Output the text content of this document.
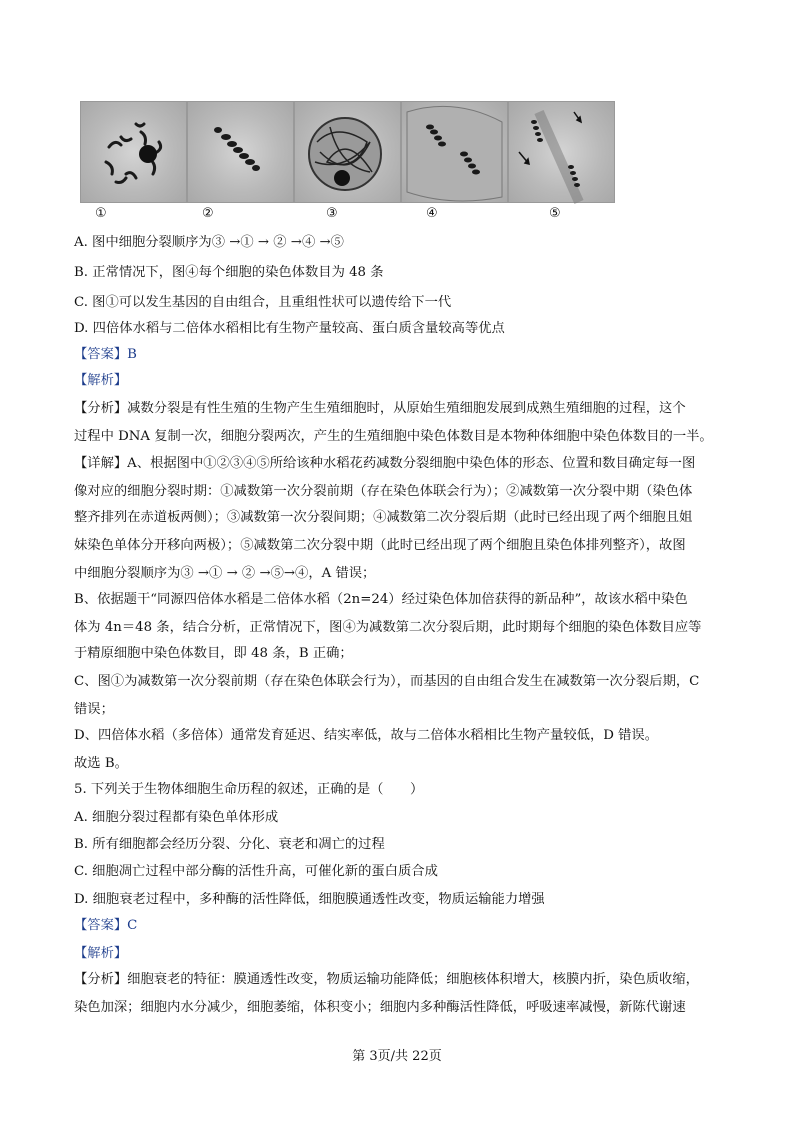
①	②	③	④	⑤
A. 图中细胞分裂顺序为③ →① → ② →④ →⑤
B. 正常情况下，图④每个细胞的染色体数目为 48 条
C. 图①可以发生基因的自由组合，且重组性状可以遗传给下一代
D. 四倍体水稻与二倍体水稻相比有生物产量较高、蛋白质含量较高等优点
【答案】B
【解析】
【分析】减数分裂是有性生殖的生物产生生殖细胞时，从原始生殖细胞发展到成熟生殖细胞的过程，这个
过程中 DNA 复制一次，细胞分裂两次，产生的生殖细胞中染色体数目是本物种体细胞中染色体数目的一半。
【详解】A、根据图中①②③④⑤所给该种水稻花药减数分裂细胞中染色体的形态、位置和数目确定每一图
像对应的细胞分裂时期：①减数第一次分裂前期（存在染色体联会行为）；②减数第一次分裂中期（染色体
整齐排列在赤道板两侧）；③减数第一次分裂间期；④减数第二次分裂后期（此时已经出现了两个细胞且姐
妹染色单体分开移向两极）；⑤减数第二次分裂中期（此时已经出现了两个细胞且染色体排列整齐），故图
中细胞分裂顺序为③ →① → ② →⑤→④，A 错误；
B、依据题干“同源四倍体水稻是二倍体水稻（2n=24）经过染色体加倍获得的新品种”，故该水稻中染色
体为 4n＝48 条，结合分析，正常情况下，图④为减数第二次分裂后期，此时期每个细胞的染色体数目应等
于精原细胞中染色体数目，即 48 条，B 正确；
C、图①为减数第一次分裂前期（存在染色体联会行为），而基因的自由组合发生在减数第一次分裂后期，C
错误；
D、四倍体水稻（多倍体）通常发育延迟、结实率低，故与二倍体水稻相比生物产量较低，D 错误。
故选 B。
5. 下列关于生物体细胞生命历程的叙述，正确的是（　　）
A. 细胞分裂过程都有染色单体形成
B. 所有细胞都会经历分裂、分化、衰老和凋亡的过程
C. 细胞凋亡过程中部分酶的活性升高，可催化新的蛋白质合成
D. 细胞衰老过程中，多种酶的活性降低，细胞膜通透性改变，物质运输能力增强
【答案】C
【解析】
【分析】细胞衰老的特征：膜通透性改变，物质运输功能降低；细胞核体积增大，核膜内折，染色质收缩，
染色加深；细胞内水分减少，细胞萎缩，体积变小；细胞内多种酶活性降低，呼吸速率减慢，新陈代谢速
第 3页/共 22页
